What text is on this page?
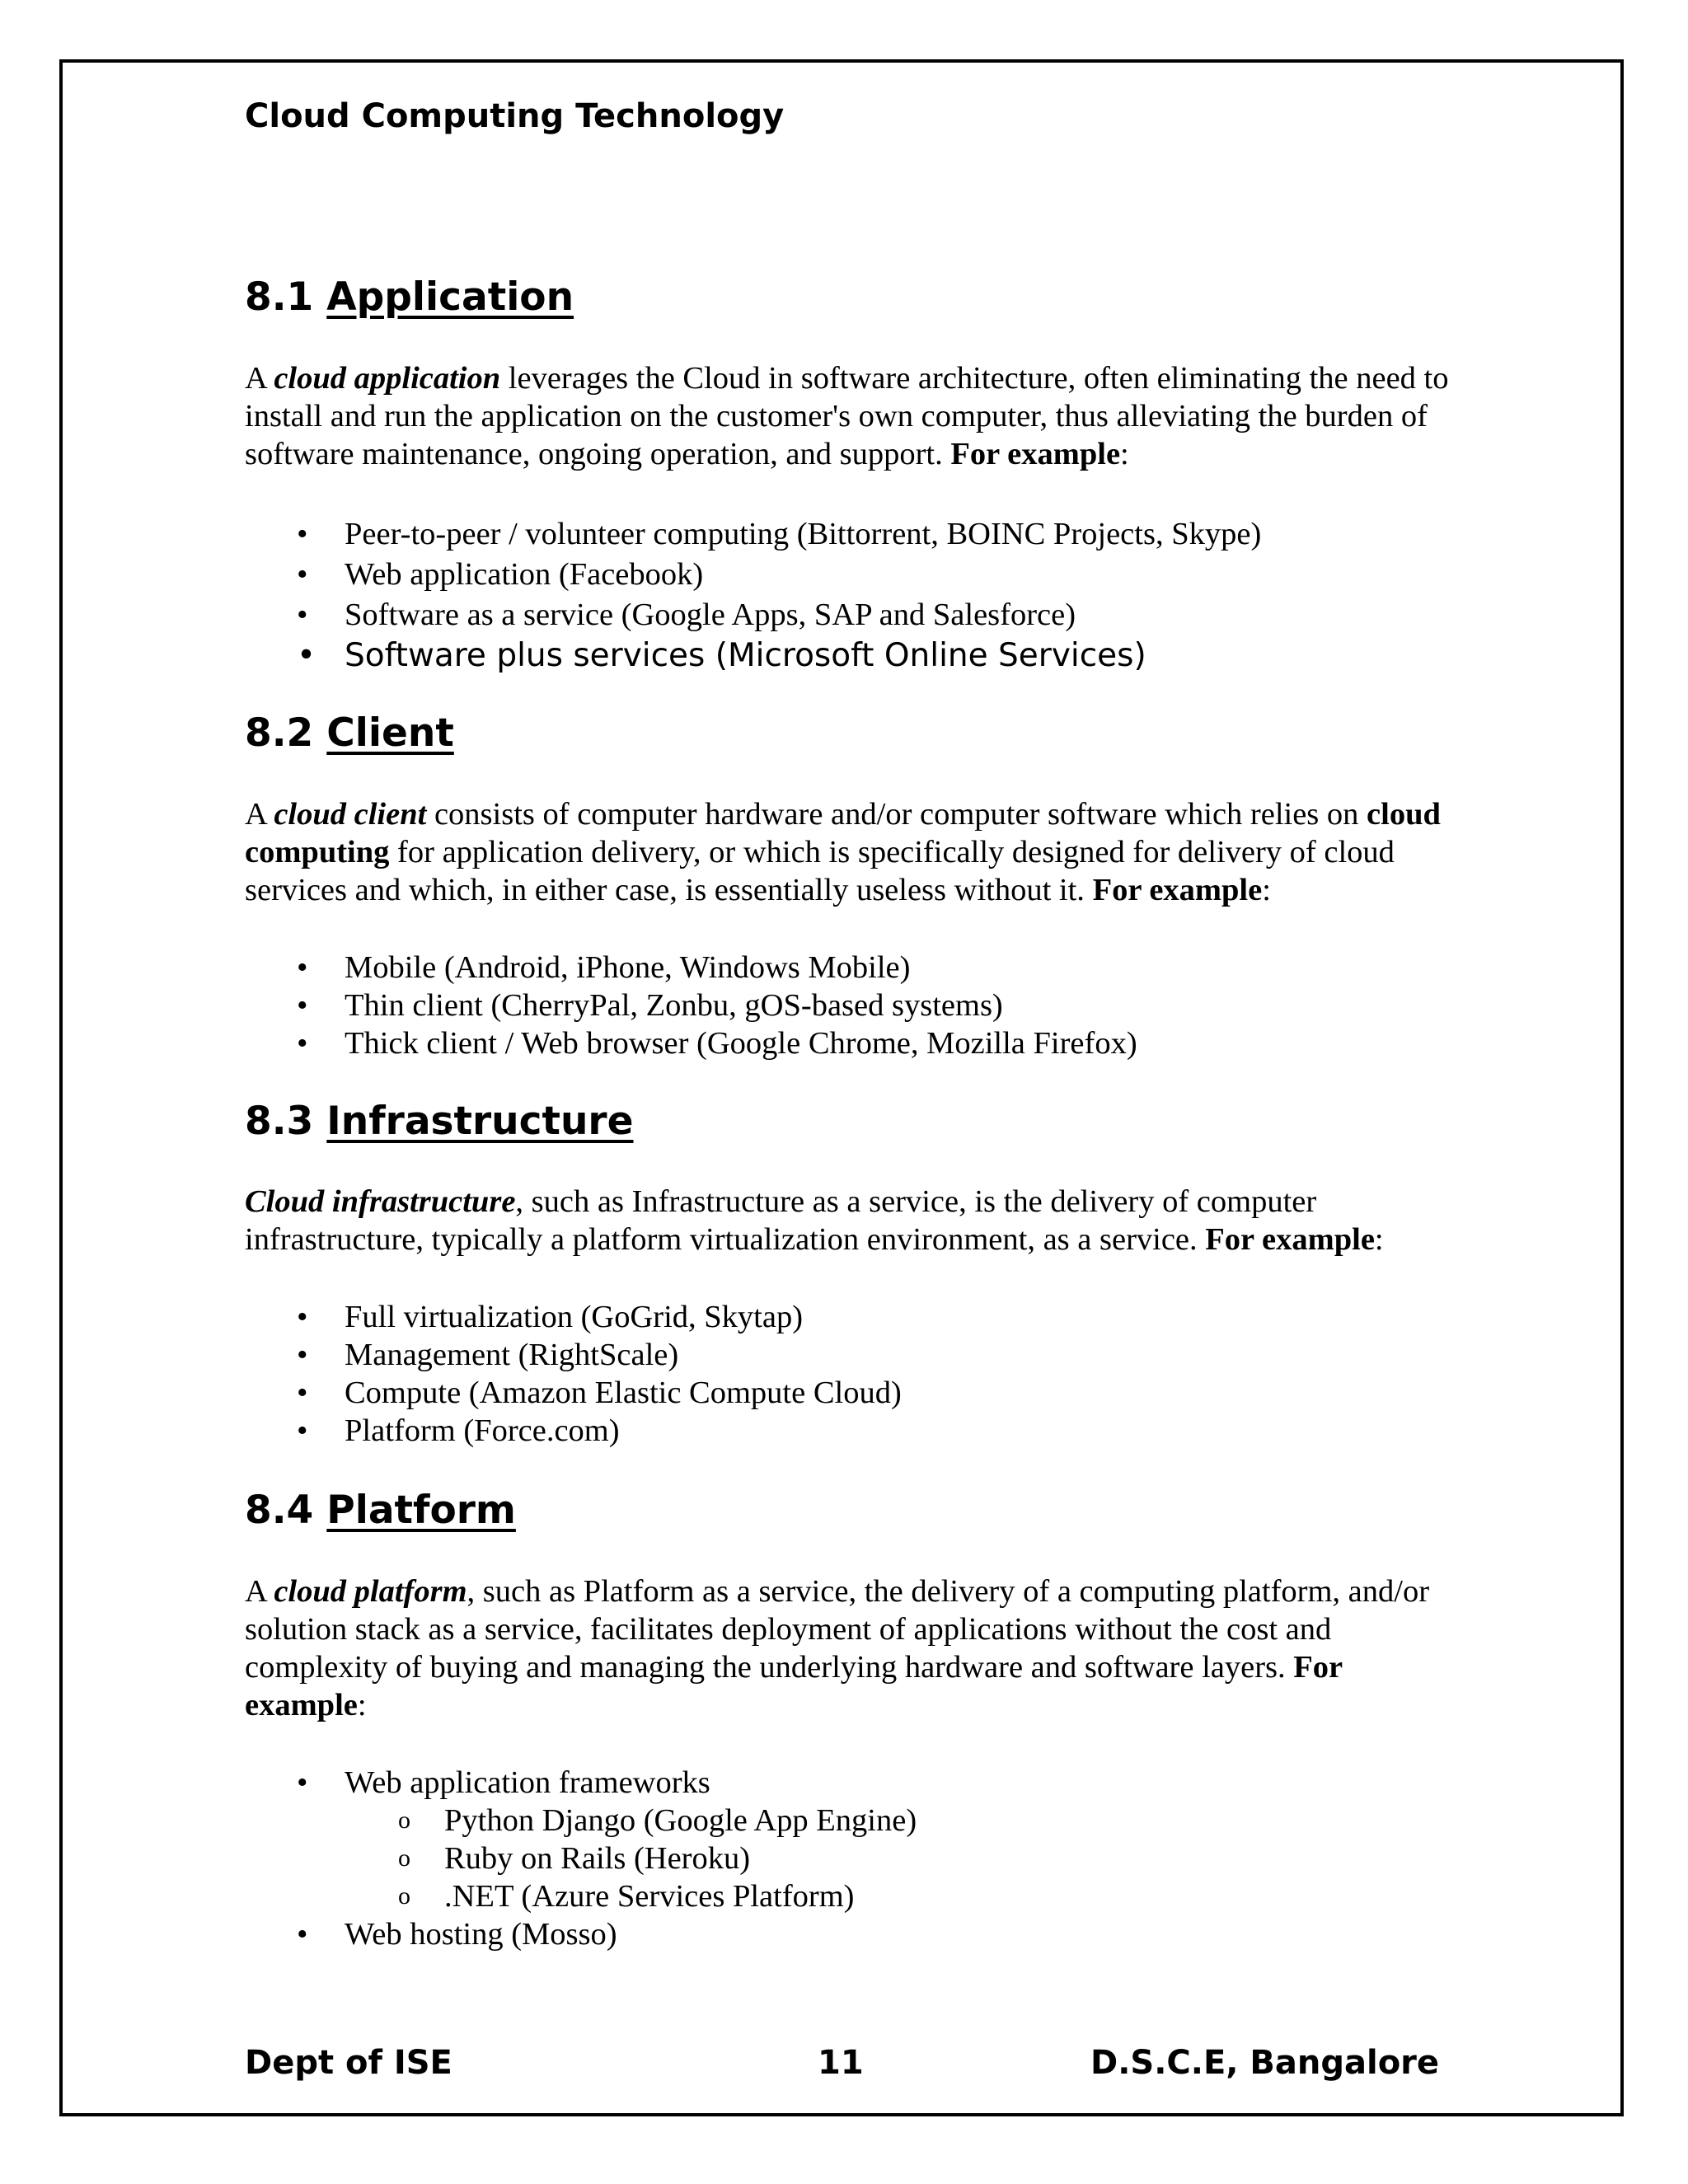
Cloud Computing Technology
8.1 Application
A cloud application leverages the Cloud in software architecture, often eliminating the need to install and run the application on the customer's own computer, thus alleviating the burden of software maintenance, ongoing operation, and support. For example:
• Peer-to-peer / volunteer computing (Bittorrent, BOINC Projects, Skype)
• Web application (Facebook)
• Software as a service (Google Apps, SAP and Salesforce)
• Software plus services (Microsoft Online Services)
8.2 Client
A cloud client consists of computer hardware and/or computer software which relies on cloud computing for application delivery, or which is specifically designed for delivery of cloud services and which, in either case, is essentially useless without it. For example:
• Mobile (Android, iPhone, Windows Mobile)
• Thin client (CherryPal, Zonbu, gOS-based systems)
• Thick client / Web browser (Google Chrome, Mozilla Firefox)
8.3 Infrastructure
Cloud infrastructure, such as Infrastructure as a service, is the delivery of computer infrastructure, typically a platform virtualization environment, as a service. For example:
• Full virtualization (GoGrid, Skytap)
• Management (RightScale)
• Compute (Amazon Elastic Compute Cloud)
• Platform (Force.com)
8.4 Platform
A cloud platform, such as Platform as a service, the delivery of a computing platform, and/or solution stack as a service, facilitates deployment of applications without the cost and complexity of buying and managing the underlying hardware and software layers. For example:
• Web application frameworks
o Python Django (Google App Engine)
o Ruby on Rails (Heroku)
o .NET (Azure Services Platform)
• Web hosting (Mosso)
Dept of ISE	11	D.S.C.E, Bangalore
